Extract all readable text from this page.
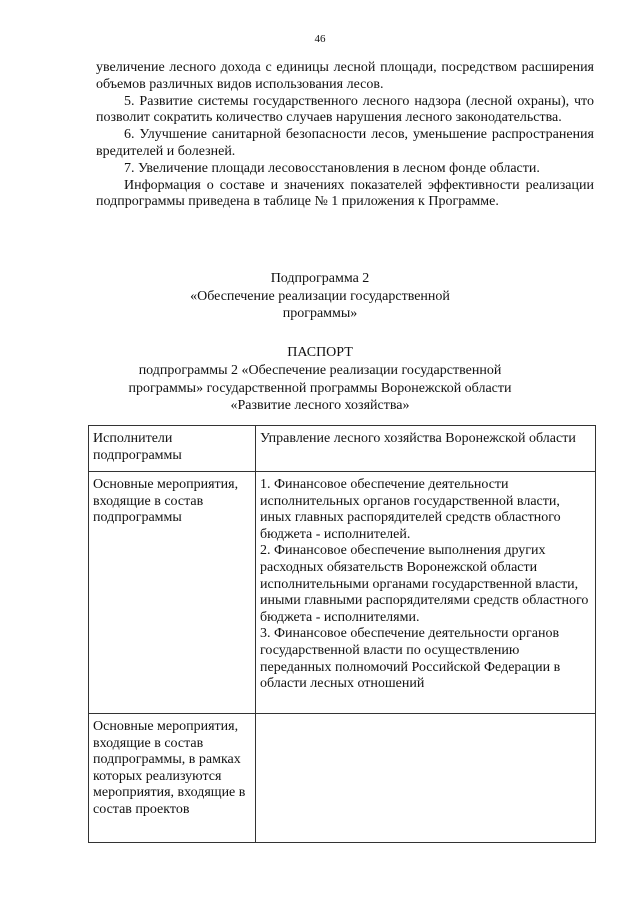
46

увеличение лесного дохода с единицы лесной площади, посредством расширения объемов различных видов использования лесов.

5. Развитие системы государственного лесного надзора (лесной охраны), что позволит сократить количество случаев нарушения лесного законодательства.

6. Улучшение санитарной безопасности лесов, уменьшение распространения вредителей и болезней.

7. Увеличение площади лесовосстановления в лесном фонде области.

Информация о составе и значениях показателей эффективности реализации подпрограммы приведена в таблице № 1 приложения к Программе.

Подпрограмма 2
«Обеспечение реализации государственной
программы»
ПАСПОРТ
подпрограммы 2 «Обеспечение реализации государственной
программы» государственной программы Воронежской области
«Развитие лесного хозяйства»
Исполнители подпрограммы	Управление лесного хозяйства Воронежской области
Основные мероприятия, входящие в состав подпрограммы	1. Финансовое обеспечение деятельности исполнительных органов государственной власти, иных главных распорядителей средств областного бюджета - исполнителей.
2. Финансовое обеспечение выполнения других расходных обязательств Воронежской области исполнительными органами государственной власти, иными главными распорядителями средств областного бюджета - исполнителями.
3. Финансовое обеспечение деятельности органов государственной власти по осуществлению переданных полномочий Российской Федерации в области лесных отношений

Основные мероприятия, входящие в состав подпрограммы, в рамках которых реализуются мероприятия, входящие в состав проектов	
